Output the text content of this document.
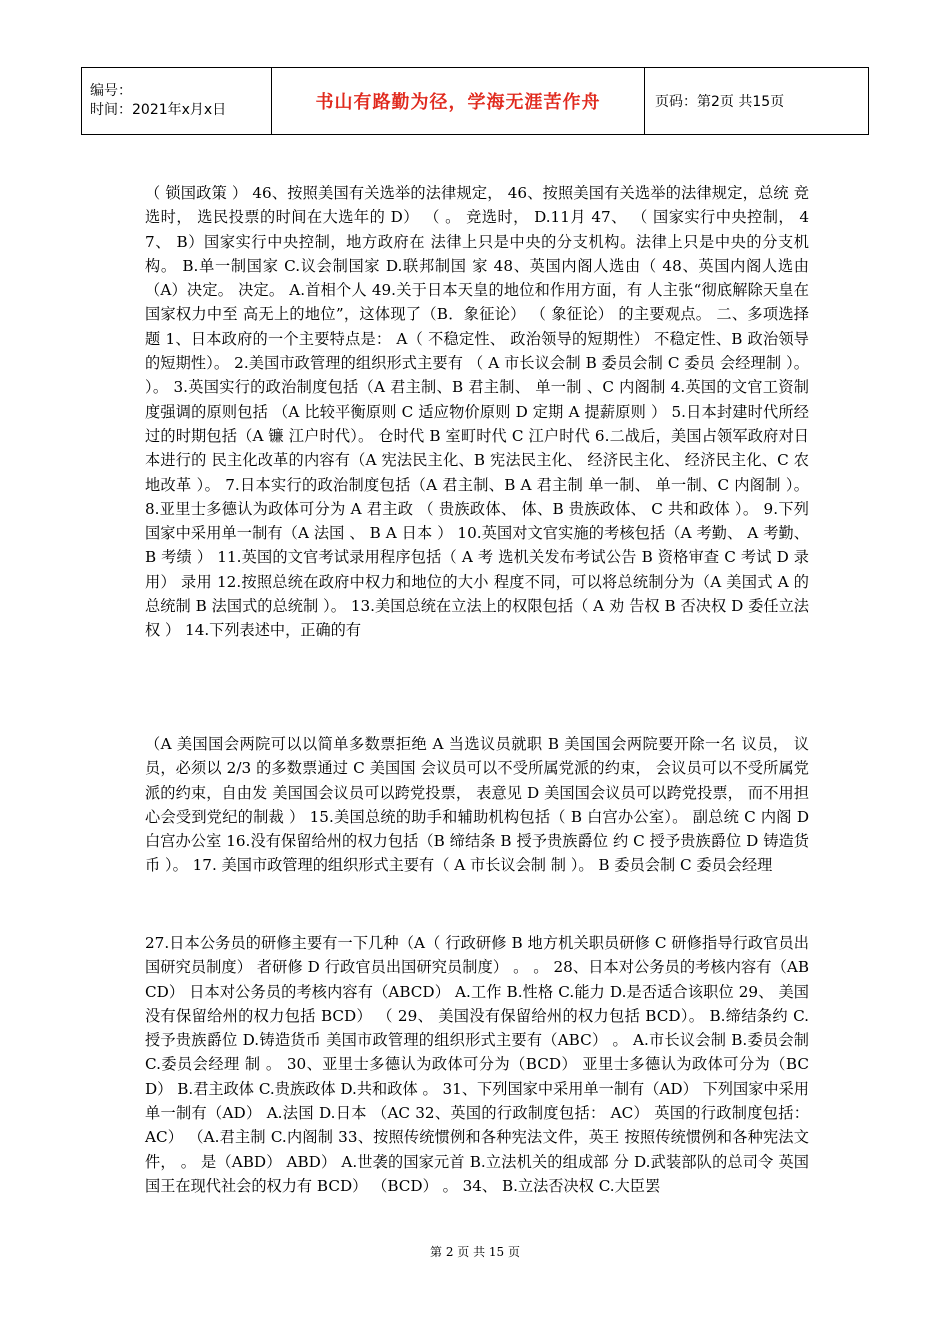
编号：
时间：2021年x月x日	书山有路勤为径，学海无涯苦作舟	页码：第2页 共15页
（ 锁国政策 ） 46、按照美国有关选举的法律规定， 46、按照美国有关选举的法律规定，总统 竞选时， 选民投票的时间在大选年的 D） （ 。 竞选时， D.11月 47、 （ 国家实行中央控制， 47、 B）国家实行中央控制，地方政府在 法律上只是中央的分支机构。法律上只是中央的分支机构。 B.单一制国家 C.议会制国家 D.联邦制国 家 48、英国内阁人选由（ 48、英国内阁人选由（A）决定。 决定。 A.首相个人 49.关于日本天皇的地位和作用方面，有 人主张“彻底解除天皇在国家权力中至 高无上的地位”，这体现了（B．象征论） （ 象征论） 的主要观点。 二、多项选择题 1、日本政府的一个主要特点是： A（ 不稳定性、 政治领导的短期性） 不稳定性、B 政治领导的短期性）。 2.美国市政管理的组织形式主要有 （ A 市长议会制 B 委员会制 C 委员 会经理制 ）。 ）。 3.英国实行的政治制度包括（A 君主制、B 君主制、 单一制 、C 内阁制 4.英国的文官工资制度强调的原则包括 （A 比较平衡原则 C 适应物价原则 D 定期 A 提薪原则 ） 5.日本封建时代所经过的时期包括（A 镰 江户时代）。 仓时代 B 室町时代 C 江户时代 6.二战后，美国占领军政府对日本进行的 民主化改革的内容有（A 宪法民主化、B 宪法民主化、 经济民主化、 经济民主化、C 农地改革 ）。 7.日本实行的政治制度包括（A 君主制、B A 君主制 单一制、 单一制、C 内阁制 ）。 8.亚里士多德认为政体可分为 A 君主政 （ 贵族政体、 体、B 贵族政体、 C 共和政体 ）。 9.下列国家中采用单一制有（A 法国 、 B A 日本 ） 10.英国对文官实施的考核包括（A 考勤、 A 考勤、 B 考绩 ） 11.英国的文官考试录用程序包括（ A 考 选机关发布考试公告 B 资格审查 C 考试 D 录用） 录用 12.按照总统在政府中权力和地位的大小 程度不同，可以将总统制分为（A 美国式 A 的总统制 B 法国式的总统制 ）。 13.美国总统在立法上的权限包括（ A 劝 告权 B 否决权 D 委任立法权 ） 14.下列表述中，正确的有
（A 美国国会两院可以以简单多数票拒绝 A 当选议员就职 B 美国国会两院要开除一名 议员， 议员，必须以 2/3 的多数票通过 C 美国国 会议员可以不受所属党派的约束， 会议员可以不受所属党派的约束，自由发 美国国会议员可以跨党投票， 表意见 D 美国国会议员可以跨党投票， 而不用担心会受到党纪的制裁 ） 15.美国总统的助手和辅助机构包括（ B 白宫办公室）。 副总统 C 内阁 D 白宫办公室 16.没有保留给州的权力包括（B 缔结条 B 授予贵族爵位 约 C 授予贵族爵位 D 铸造货币 ）。 17. 美国市政管理的组织形式主要有（ A 市长议会制 制 ）。 B 委员会制 C 委员会经理
27.日本公务员的研修主要有一下几种（A（ 行政研修 B 地方机关职员研修 C 研修指导行政官员出国研究员制度） 者研修 D 行政官员出国研究员制度） 。 。 28、日本对公务员的考核内容有（ABCD） 日本对公务员的考核内容有（ABCD） A.工作 B.性格 C.能力 D.是否适合该职位 29、 美国没有保留给州的权力包括 BCD） （ 29、 美国没有保留给州的权力包括 BCD）。 B.缔结条约 C.授予贵族爵位 D.铸造货币 美国市政管理的组织形式主要有（ABC） 。 A.市长议会制 B.委员会制 C.委员会经理 制 。 30、亚里士多德认为政体可分为（BCD） 亚里士多德认为政体可分为（BCD） B.君主政体 C.贵族政体 D.共和政体 。 31、下列国家中采用单一制有（AD） 下列国家中采用单一制有（AD） A.法国 D.日本 （AC 32、英国的行政制度包括： AC） 英国的行政制度包括： AC） （A.君主制 C.内阁制 33、按照传统惯例和各种宪法文件，英王 按照传统惯例和各种宪法文件， 。 是（ABD） ABD） A.世袭的国家元首 B.立法机关的组成部 分 D.武装部队的总司令 英国国王在现代社会的权力有 BCD） （BCD） 。 34、 B.立法否决权 C.大臣罢
第 2 页 共 15 页
